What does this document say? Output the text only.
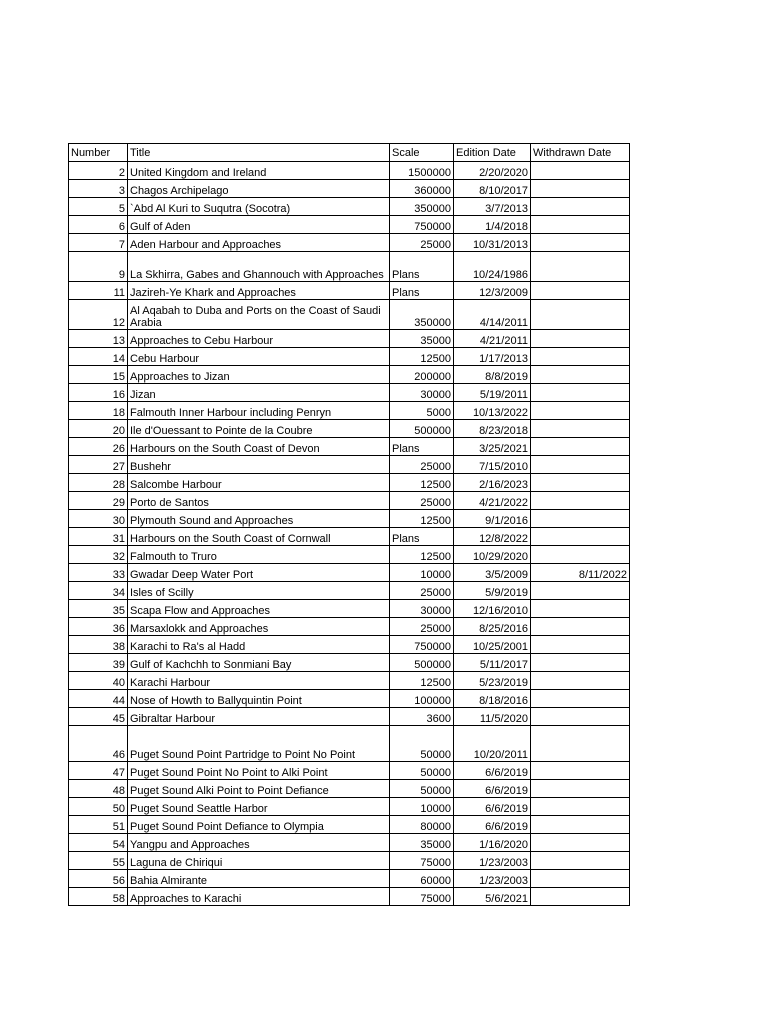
Number	Title	Scale	Edition Date	Withdrawn Date
2	United Kingdom and Ireland	1500000	2/20/2020	
3	Chagos Archipelago	360000	8/10/2017	
5	`Abd Al Kuri to Suqutra (Socotra)	350000	3/7/2013	
6	Gulf of Aden	750000	1/4/2018	
7	Aden Harbour and Approaches	25000	10/31/2013	
9	La Skhirra, Gabes and Ghannouch with Approaches	Plans	10/24/1986	
11	Jazireh-Ye Khark and Approaches	Plans	12/3/2009	
12	Al Aqabah to Duba and Ports on the Coast of Saudi Arabia	350000	4/14/2011	
13	Approaches to Cebu Harbour	35000	4/21/2011	
14	Cebu Harbour	12500	1/17/2013	
15	Approaches to Jizan	200000	8/8/2019	
16	Jizan	30000	5/19/2011	
18	Falmouth Inner Harbour including Penryn	5000	10/13/2022	
20	Ile d'Ouessant to Pointe de la Coubre	500000	8/23/2018	
26	Harbours on the South Coast of Devon	Plans	3/25/2021	
27	Bushehr	25000	7/15/2010	
28	Salcombe Harbour	12500	2/16/2023	
29	Porto de Santos	25000	4/21/2022	
30	Plymouth Sound and Approaches	12500	9/1/2016	
31	Harbours on the South Coast of Cornwall	Plans	12/8/2022	
32	Falmouth to Truro	12500	10/29/2020	
33	Gwadar Deep Water Port	10000	3/5/2009	8/11/2022
34	Isles of Scilly	25000	5/9/2019	
35	Scapa Flow and Approaches	30000	12/16/2010	
36	Marsaxlokk and Approaches	25000	8/25/2016	
38	Karachi to Ra's al Hadd	750000	10/25/2001	
39	Gulf of Kachchh to Sonmiani Bay	500000	5/11/2017	
40	Karachi Harbour	12500	5/23/2019	
44	Nose of Howth to Ballyquintin Point	100000	8/18/2016	
45	Gibraltar Harbour	3600	11/5/2020	
46	Puget Sound Point Partridge to Point No Point	50000	10/20/2011	
47	Puget Sound Point No Point to Alki Point	50000	6/6/2019	
48	Puget Sound Alki Point to Point Defiance	50000	6/6/2019	
50	Puget Sound Seattle Harbor	10000	6/6/2019	
51	Puget Sound Point Defiance to Olympia	80000	6/6/2019	
54	Yangpu and Approaches	35000	1/16/2020	
55	Laguna de Chiriqui	75000	1/23/2003	
56	Bahia Almirante	60000	1/23/2003	
58	Approaches to Karachi	75000	5/6/2021	
